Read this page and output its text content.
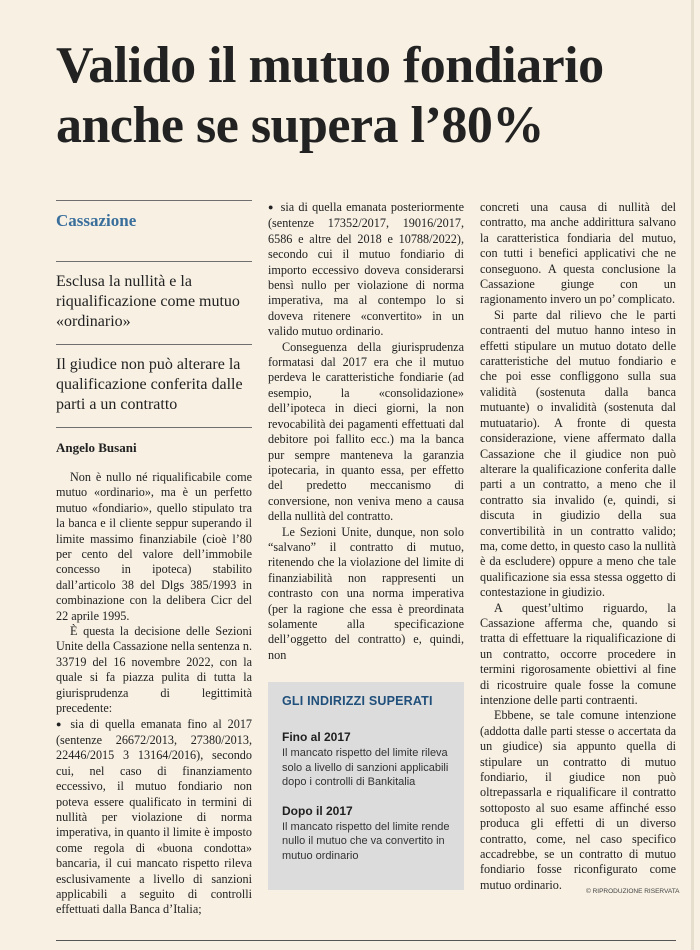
Valido il mutuo fondiario
anche se supera l’80%
Cassazione
Esclusa la nullità e la riqualificazione come mutuo «ordinario»
Il giudice non può alterare la qualificazione conferita dalle parti a un contratto
Angelo Busani

Non è nullo né riqualificabile come mutuo «ordinario», ma è un perfetto mutuo «fondiario», quello stipulato tra la banca e il cliente seppur superando il limite massimo finanziabile (cioè l’80 per cento del valore dell’immobile concesso in ipoteca) stabilito dall’articolo 38 del Dlgs 385/1993 in combinazione con la delibera Cicr del 22 aprile 1995.

È questa la decisione delle Sezioni Unite della Cassazione nella sentenza n. 33719 del 16 novembre 2022, con la quale si fa piazza pulita di tutta la giurisprudenza di legittimità precedente:

● sia di quella emanata fino al 2017 (sentenze 26672/2013, 27380/2013, 22446/2015 3 13164/2016), secondo cui, nel caso di finanziamento eccessivo, il mutuo fondiario non poteva essere qualificato in termini di nullità per violazione di norma imperativa, in quanto il limite è imposto come regola di «buona condotta» bancaria, il cui mancato rispetto rileva esclusivamente a livello di sanzioni applicabili a seguito di controlli effettuati dalla Banca d’Italia;

● sia di quella emanata posteriormente (sentenze 17352/2017, 19016/2017, 6586 e altre del 2018 e 10788/2022), secondo cui il mutuo fondiario di importo eccessivo doveva considerarsi bensì nullo per violazione di norma imperativa, ma al contempo lo si doveva ritenere «convertito» in un valido mutuo ordinario.

Conseguenza della giurisprudenza formatasi dal 2017 era che il mutuo perdeva le caratteristiche fondiarie (ad esempio, la «consolidazione» dell’ipoteca in dieci giorni, la non revocabilità dei pagamenti effettuati dal debitore poi fallito ecc.) ma la banca pur sempre manteneva la garanzia ipotecaria, in quanto essa, per effetto del predetto meccanismo di conversione, non veniva meno a causa della nullità del contratto.

Le Sezioni Unite, dunque, non solo “salvano” il contratto di mutuo, ritenendo che la violazione del limite di finanziabilità non rappresenti un contrasto con una norma imperativa (per la ragione che essa è preordinata solamente alla specificazione dell’oggetto del contratto) e, quindi, non

GLI INDIRIZZI SUPERATI
Fino al 2017
Il mancato rispetto del limite rileva solo a livello di sanzioni applicabili dopo i controlli di Bankitalia
Dopo il 2017
Il mancato rispetto del limite rende nullo il mutuo che va convertito in mutuo ordinario

concreti una causa di nullità del contratto, ma anche addirittura salvano la caratteristica fondiaria del mutuo, con tutti i benefici applicativi che ne conseguono. A questa conclusione la Cassazione giunge con un ragionamento invero un po’ complicato.

Si parte dal rilievo che le parti contraenti del mutuo hanno inteso in effetti stipulare un mutuo dotato delle caratteristiche del mutuo fondiario e che poi esse confliggono sulla sua validità (sostenuta dalla banca mutuante) o invalidità (sostenuta dal mutuatario). A fronte di questa considerazione, viene affermato dalla Cassazione che il giudice non può alterare la qualificazione conferita dalle parti a un contratto, a meno che il contratto sia invalido (e, quindi, si discuta in giudizio della sua convertibilità in un contratto valido; ma, come detto, in questo caso la nullità è da escludere) oppure a meno che tale qualificazione sia essa stessa oggetto di contestazione in giudizio.

A quest’ultimo riguardo, la Cassazione afferma che, quando si tratta di effettuare la riqualificazione di un contratto, occorre procedere in termini rigorosamente obiettivi al fine di ricostruire quale fosse la comune intenzione delle parti contraenti.

Ebbene, se tale comune intenzione (addotta dalle parti stesse o accertata da un giudice) sia appunto quella di stipulare un contratto di mutuo fondiario, il giudice non può oltrepassarla e riqualificare il contratto sottoposto al suo esame affinché esso produca gli effetti di un diverso contratto, come, nel caso specifico accadrebbe, se un contratto di mutuo fondiario fosse riconfigurato come mutuo ordinario.	© RIPRODUZIONE RISERVATA
